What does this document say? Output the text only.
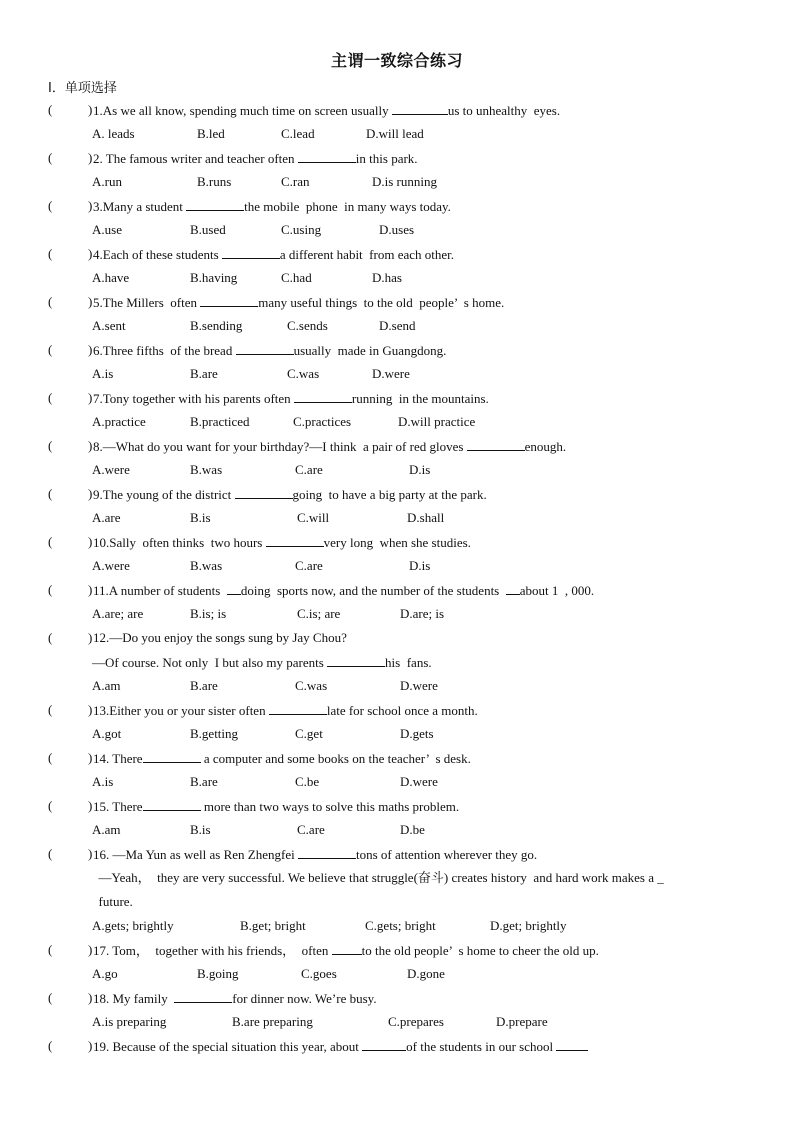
主谓一致综合练习
I．单项选择
(	) 1.As we all know, spending much time on screen usually	us to unhealthy  eyes.
A. leads	B.led	C.lead	D.will lead
(	) 2. The famous writer and teacher often	in this park.
A.run	B.runs	C.ran	D.is running
(	) 3.Many a student	the mobile  phone  in many ways today.
A.use	B.used	C.using	D.uses
(	) 4.Each of these students	a different habit  from each other.
A.have	B.having	C.had	D.has
(	) 5.The Millers  often	many useful things  to the old  people’  s home.
A.sent	B.sending	C.sends	D.send
(	) 6.Three fifths  of the bread	usually  made in Guangdong.
A.is	B.are	C.was	D.were
(	) 7.Tony together with his parents often	running  in the mountains.
A.practice	B.practiced	C.practices	D.will practice
(	) 8.—What do you want for your birthday?—I think  a pair of red gloves	enough.
A.were	B.was	C.are	D.is
(	) 9.The young of the district	going  to have a big party at the park.
A.are	B.is	C.will	D.shall
(	) 10.Sally  often thinks  two hours	very long  when she studies.
A.were	B.was	C.are	D.is
(	) 11.A number of students  doing  sports now, and the number of the students  about 1  , 000.
A.are; are	B.is; is	C.is; are	D.are; is
(	) 12.—Do you enjoy the songs sung by Jay Chou?
—Of course. Not only  I but also my parents	his  fans.
A.am	B.are	C.was	D.were
(	) 13.Either you or your sister often	late for school once a month.
A.got	B.getting	C.get	D.gets
(	) 14. There	a computer and some books on the teacher’  s desk.
A.is	B.are	C.be	D.were
(	) 15. There	more than two ways to solve this maths problem.
A.am	B.is	C.are	D.be
(	) 16. —Ma Yun as well as Ren Zhengfei	tons of attention wherever they go.
—Yeah，  they are very successful. We believe that struggle(奋斗) creates history  and hard work makes a _
future.
A.gets; brightly	B.get; bright	C.gets; bright	D.get; brightly
(	) 17. Tom，  together with his friends，  often to the old people’  s home to cheer the old up.
A.go	B.going	C.goes	D.gone
(	) 18. My family	for dinner now. We’re busy.
A.is preparing	B.are preparing	C.prepares	D.prepare
(	) 19. Because of the special situation this year, about	of the students in our school
